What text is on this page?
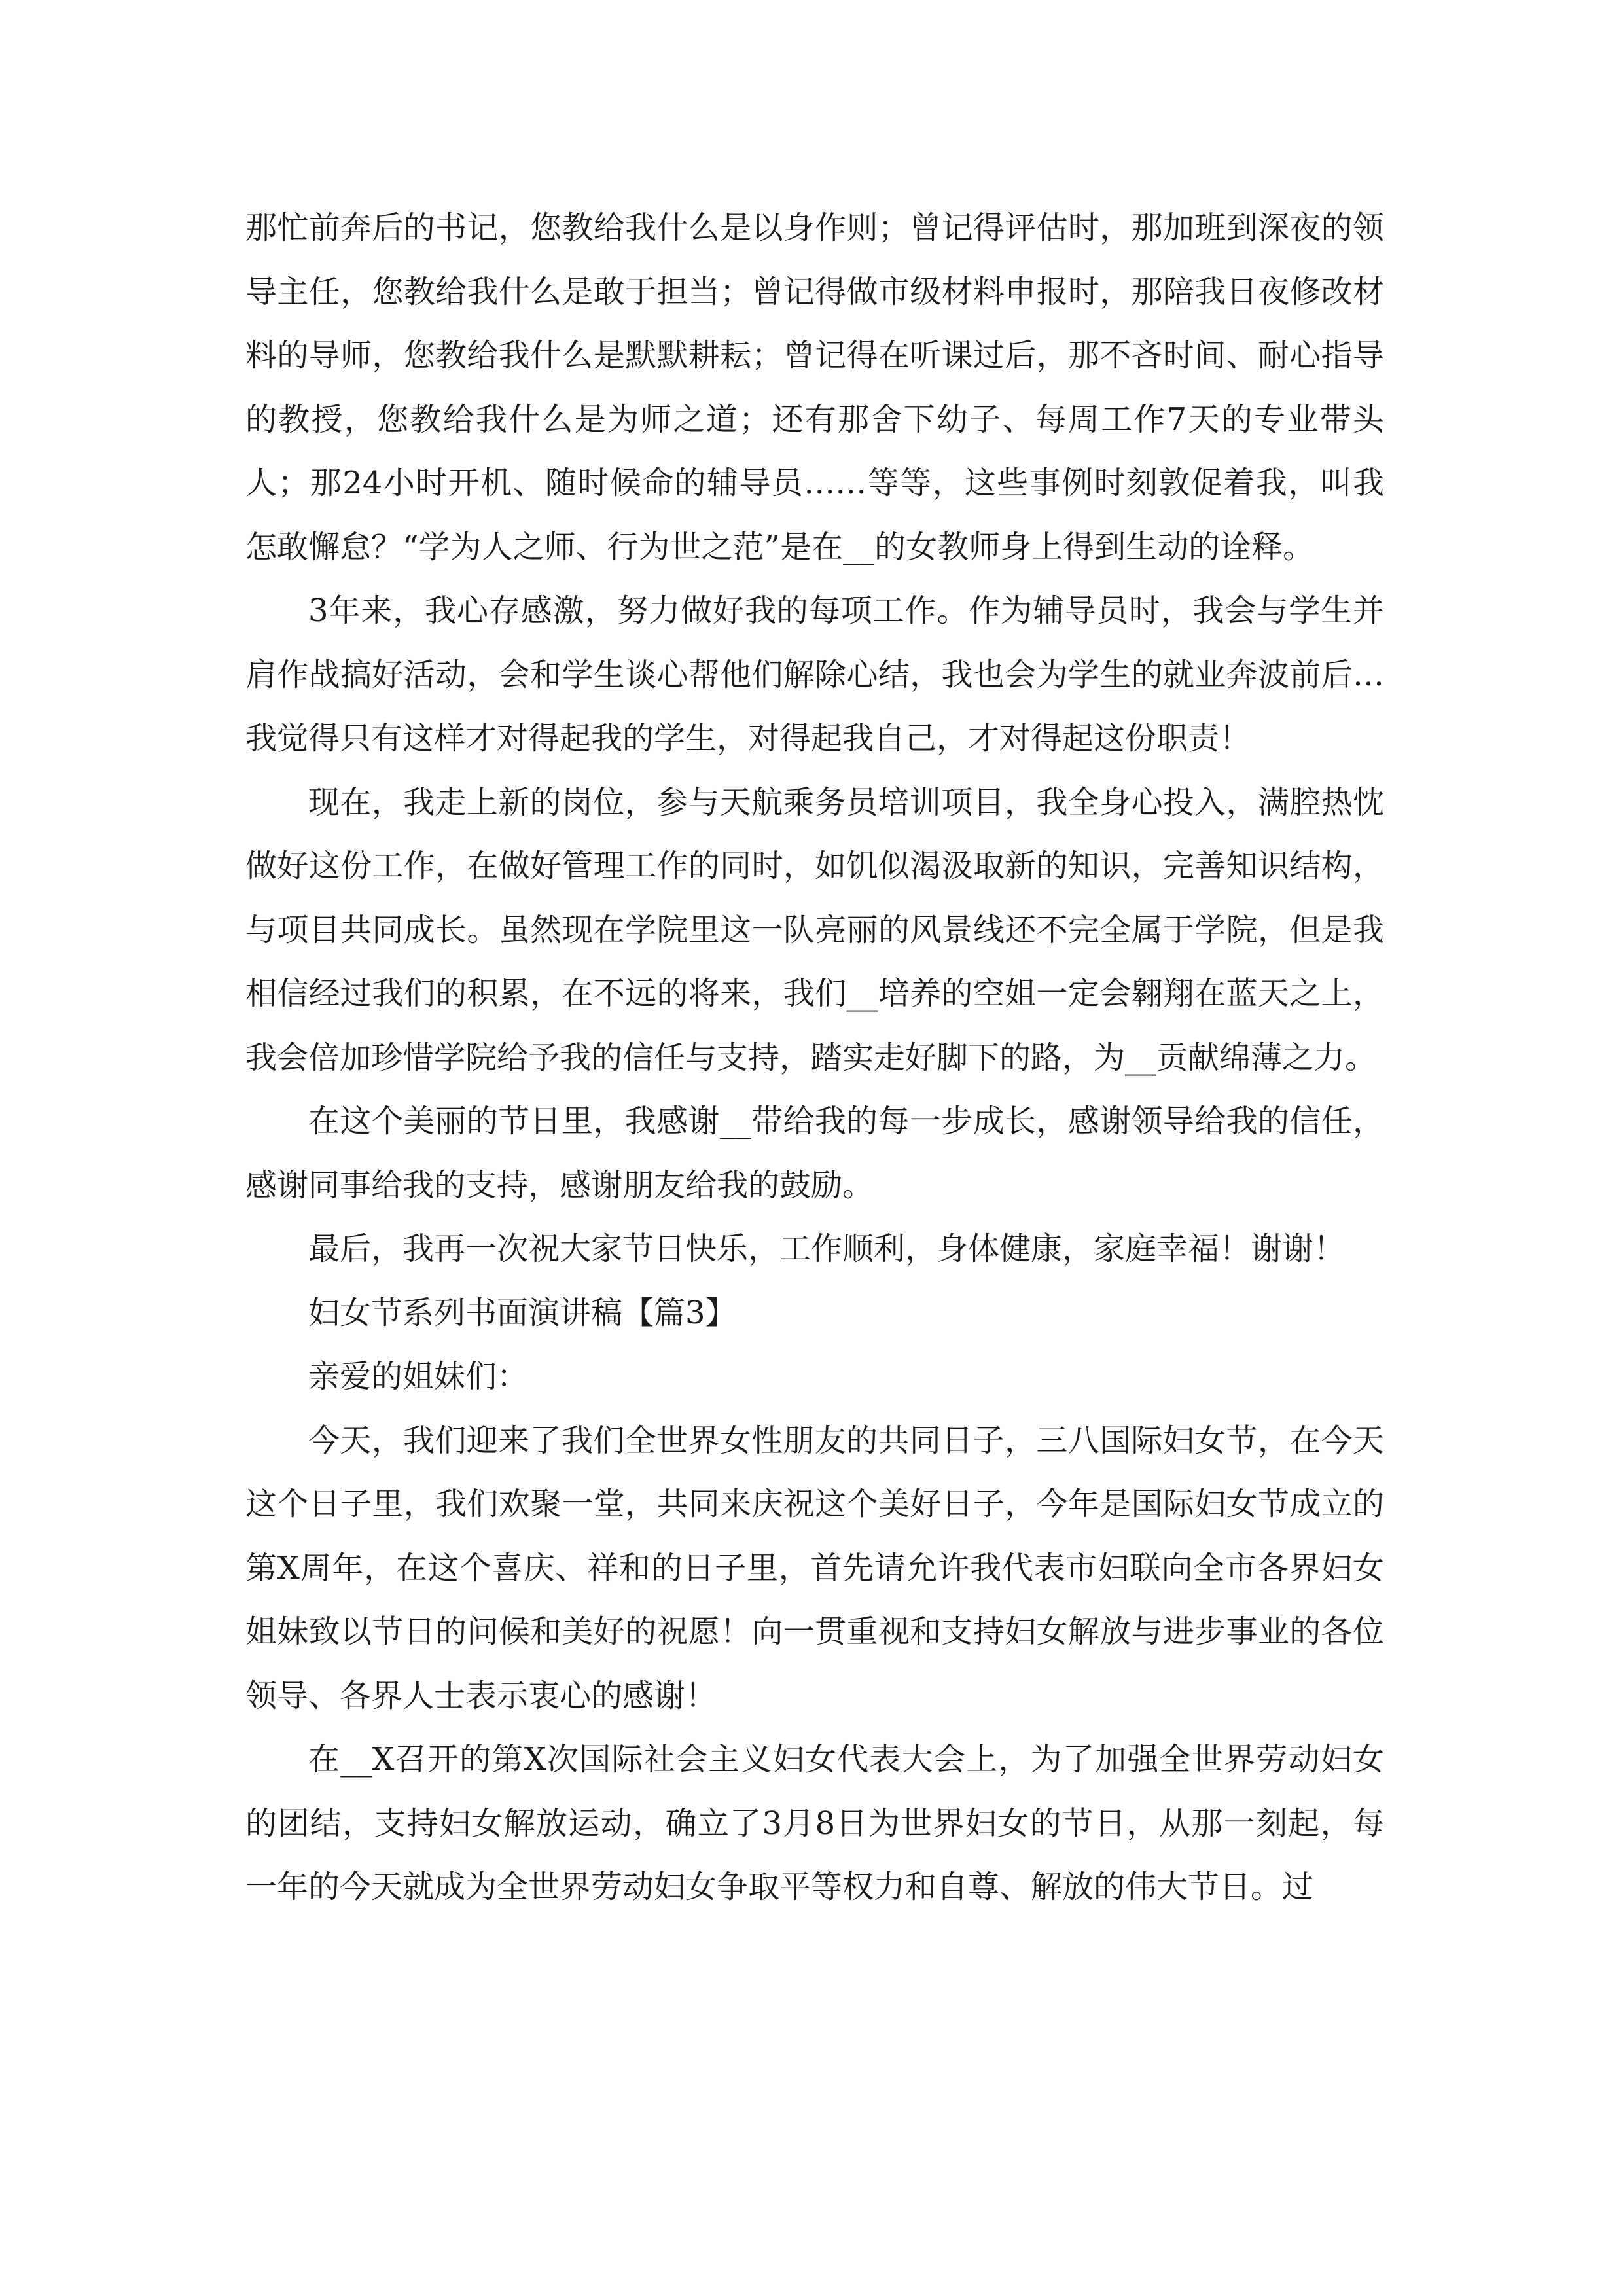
那忙前奔后的书记，您教给我什么是以身作则；曾记得评估时，那加班到深夜的领导主任，您教给我什么是敢于担当；曾记得做市级材料申报时，那陪我日夜修改材料的导师，您教给我什么是默默耕耘；曾记得在听课过后，那不吝时间、耐心指导的教授，您教给我什么是为师之道；还有那舍下幼子、每周工作7天的专业带头人；那24小时开机、随时候命的辅导员……等等，这些事例时刻敦促着我，叫我怎敢懈怠？“学为人之师、行为世之范”是在__的女教师身上得到生动的诠释。

3年来，我心存感激，努力做好我的每项工作。作为辅导员时，我会与学生并肩作战搞好活动，会和学生谈心帮他们解除心结，我也会为学生的就业奔波前后… 我觉得只有这样才对得起我的学生，对得起我自己，才对得起这份职责！

现在，我走上新的岗位，参与天航乘务员培训项目，我全身心投入，满腔热忱做好这份工作，在做好管理工作的同时，如饥似渴汲取新的知识，完善知识结构，与项目共同成长。虽然现在学院里这一队亮丽的风景线还不完全属于学院，但是我相信经过我们的积累，在不远的将来，我们__培养的空姐一定会翱翔在蓝天之上，我会倍加珍惜学院给予我的信任与支持，踏实走好脚下的路，为__贡献绵薄之力。

在这个美丽的节日里，我感谢__带给我的每一步成长，感谢领导给我的信任，感谢同事给我的支持，感谢朋友给我的鼓励。

最后，我再一次祝大家节日快乐，工作顺利，身体健康，家庭幸福！谢谢！

妇女节系列书面演讲稿【篇3】

亲爱的姐妹们：

今天，我们迎来了我们全世界女性朋友的共同日子，三八国际妇女节，在今天这个日子里，我们欢聚一堂，共同来庆祝这个美好日子，今年是国际妇女节成立的第X周年，在这个喜庆、祥和的日子里，首先请允许我代表市妇联向全市各界妇女姐妹致以节日的问候和美好的祝愿！向一贯重视和支持妇女解放与进步事业的各位领导、各界人士表示衷心的感谢！

在__X召开的第X次国际社会主义妇女代表大会上，为了加强全世界劳动妇女的团结，支持妇女解放运动，确立了3月8日为世界妇女的节日，从那一刻起，每一年的今天就成为全世界劳动妇女争取平等权力和自尊、解放的伟大节日。过
